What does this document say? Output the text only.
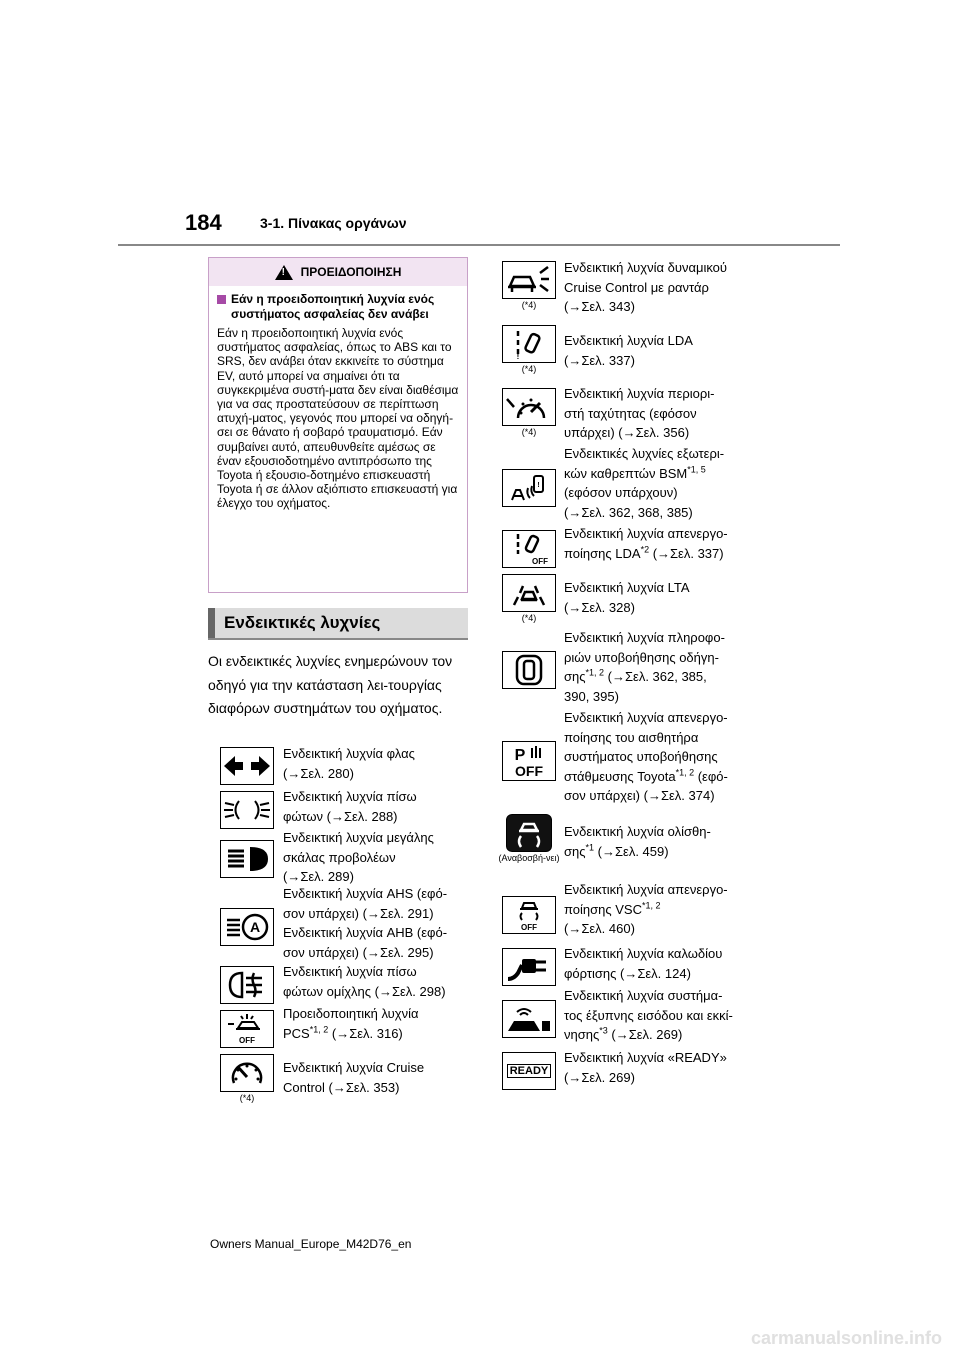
184	3-1. Πίνακας οργάνων
!
ΠΡΟΕΙΔΟΠΟΙΗΣΗ
Εάν η προειδοποιητική λυχνία ενός συστήματος ασφαλείας δεν ανάβει
Εάν η προειδοποιητική λυχνία ενός συστήματος ασφαλείας, όπως το ABS και το SRS, δεν ανάβει όταν εκκινείτε το σύστημα EV, αυτό μπορεί να σημαίνει ότι τα συγκεκριμένα συστή-ματα δεν είναι διαθέσιμα για να σας προστατεύσουν σε περίπτωση ατυχή-ματος, γεγονός που μπορεί να οδηγή-σει σε θάνατο ή σοβαρό τραυματισμό. Εάν συμβαίνει αυτό, απευθυνθείτε αμέσως σε έναν εξουσιοδοτημένο αντιπρόσωπο της Toyota ή εξουσιο-δοτημένο επισκευαστή Toyota ή σε άλλον αξιόπιστο επισκευαστή για έλεγχο του οχήματος.
Ενδεικτικές λυχνίες
Οι ενδεικτικές λυχνίες ενημερώνουν τον οδηγό για την κατάσταση λει-τουργίας διαφόρων συστημάτων του οχήματος.
Ενδεικτική λυχνία φλας
(→Σελ. 280)
Ενδεικτική λυχνία πίσω
φώτων (→Σελ. 288)
Ενδεικτική λυχνία μεγάλης
σκάλας προβολέων
(→Σελ. 289)
A
Ενδεικτική λυχνία AHS (εφό-
σον υπάρχει) (→Σελ. 291)
Ενδεικτική λυχνία AHB (εφό-
σον υπάρχει) (→Σελ. 295)
Ενδεικτική λυχνία πίσω
φώτων ομίχλης (→Σελ. 298)
OFF
Προειδοποιητική λυχνία
PCS$^{*1, 2}$ (→Σελ. 316)
(*4)
Ενδεικτική λυχνία Cruise
Control (→Σελ. 353)
(*4)
Ενδεικτική λυχνία δυναμικού
Cruise Control με ραντάρ
(→Σελ. 343)
!
(*4)
Ενδεικτική λυχνία LDA
(→Σελ. 337)
(*4)
Ενδεικτική λυχνία περιορι-
στή ταχύτητας (εφόσον
υπάρχει) (→Σελ. 356)
!
Ενδεικτικές λυχνίες εξωτερι-
κών καθρεπτών BSM$^{*1, 5}$
(εφόσον υπάρχουν)
(→Σελ. 362, 368, 385)
OFF
Ενδεικτική λυχνία απενεργο-
ποίησης LDA$^{*2}$ (→Σελ. 337)
(*4)
Ενδεικτική λυχνία LTA
(→Σελ. 328)
Ενδεικτική λυχνία πληροφο-
ριών υποβοήθησης οδήγη-
σης$^{*1, 2}$ (→Σελ. 362, 385,
390, 395)
P
OFF
Ενδεικτική λυχνία απενεργο-
ποίησης του αισθητήρα
συστήματος υποβοήθησης
στάθμευσης Toyota$^{*1, 2}$ (εφό-
σον υπάρχει) (→Σελ. 374)
(Αναβοσβή-νει)
Ενδεικτική λυχνία ολίσθη-
σης$^{*1}$ (→Σελ. 459)
OFF
Ενδεικτική λυχνία απενεργο-
ποίησης VSC$^{*1, 2}$
(→Σελ. 460)
Ενδεικτική λυχνία καλωδίου
φόρτισης (→Σελ. 124)
Ενδεικτική λυχνία συστήμα-
τος έξυπνης εισόδου και εκκί-
νησης$^{*3}$ (→Σελ. 269)
READY
Ενδεικτική λυχνία «READY»
(→Σελ. 269)
Owners Manual_Europe_M42D76_en
carmanualsonline.info
